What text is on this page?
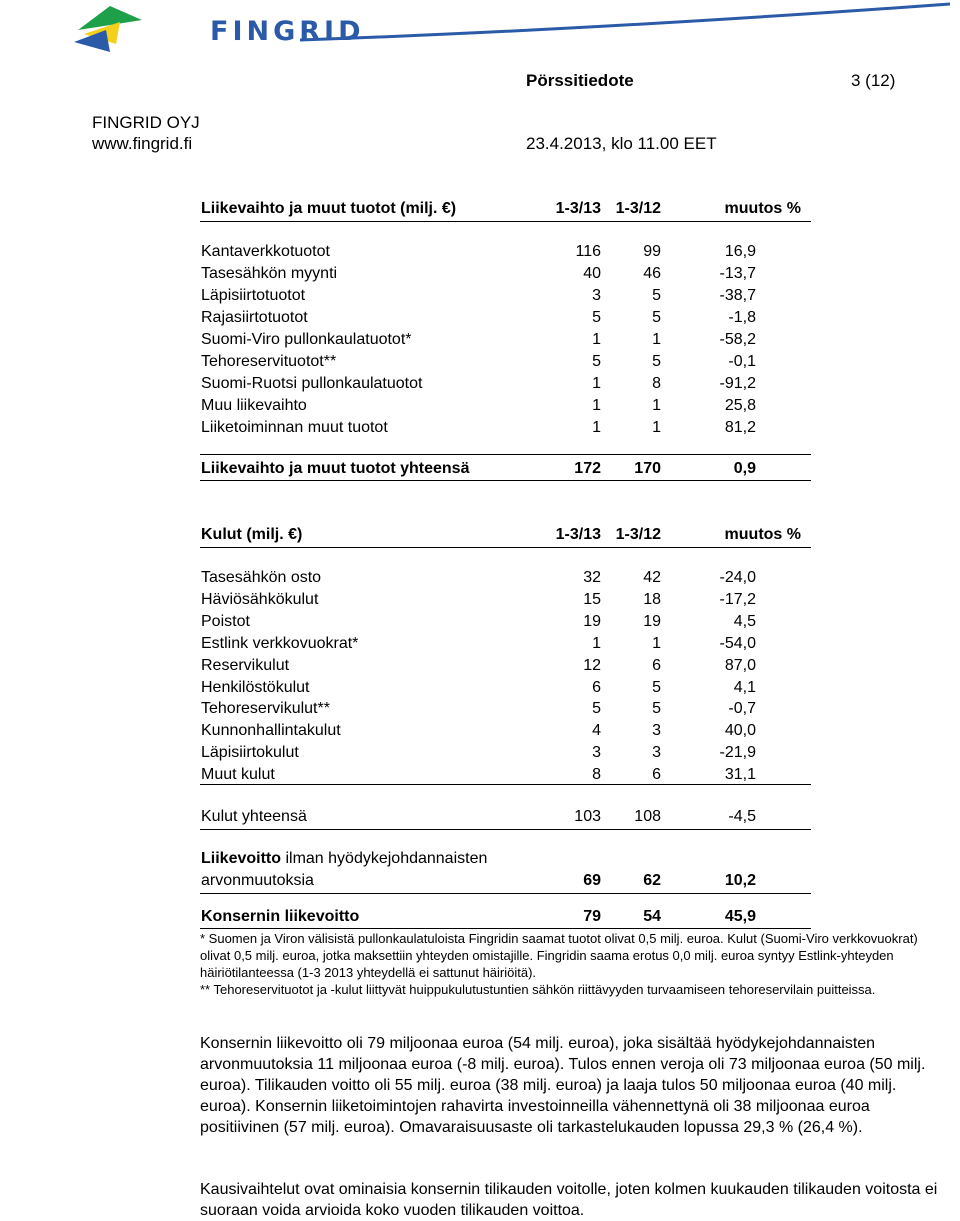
FINGRID
Pörssitiedote	3 (12)
FINGRID OYJ
www.fingrid.fi	23.4.2013, klo 11.00 EET
Liikevaihto ja muut tuotot (milj. €)	1-3/13 1-3/12	muutos %
Kantaverkkotuotot	116	99	16,9
Tasesähkön myynti	40	46	-13,7
Läpisiirtotuotot	3	5	-38,7
Rajasiirtotuotot	5	5	-1,8
Suomi-Viro pullonkaulatuotot*	1	1	-58,2
Tehoreservituotot**	5	5	-0,1
Suomi-Ruotsi pullonkaulatuotot	1	8	-91,2
Muu liikevaihto	1	1	25,8
Liiketoiminnan muut tuotot	1	1	81,2
Liikevaihto ja muut tuotot yhteensä	172 170	0,9
Kulut (milj. €)	1-3/13 1-3/12	muutos %
Tasesähkön osto	32	42	-24,0
Häviösähkökulut	15	18	-17,2
Poistot	19	19	4,5
Estlink verkkovuokrat*	1	1	-54,0
Reservikulut	12	6	87,0
Henkilöstökulut	6	5	4,1
Tehoreservikulut**	5	5	-0,7
Kunnonhallintakulut	4	3	40,0
Läpisiirtokulut	3	3	-21,9
Muut kulut	8	6	31,1
Kulut yhteensä	103 108	-4,5
Liikevoitto ilman hyödykejohdannaisten
arvonmuutoksia	69	62	10,2
Konsernin liikevoitto	79	54	45,9
* Suomen ja Viron välisistä pullonkaulatuloista Fingridin saamat tuotot olivat 0,5 milj. euroa. Kulut (Suomi-Viro verkkovuokrat) olivat 0,5 milj. euroa, jotka maksettiin yhteyden omistajille. Fingridin saama erotus 0,0 milj. euroa syntyy Estlink-yhteyden häiriötilanteessa (1-3 2013 yhteydellä ei sattunut häiriöitä).
** Tehoreservituotot ja -kulut liittyvät huippukulutustuntien sähkön riittävyyden turvaamiseen tehoreservilain puitteissa.
Konsernin liikevoitto oli 79 miljoonaa euroa (54 milj. euroa), joka sisältää hyödykejohdannaisten arvonmuutoksia 11 miljoonaa euroa (-8 milj. euroa). Tulos ennen veroja oli 73 miljoonaa euroa (50 milj. euroa). Tilikauden voitto oli 55 milj. euroa (38 milj. euroa) ja laaja tulos 50 miljoonaa euroa (40 milj. euroa). Konsernin liiketoimintojen rahavirta investoinneilla vähennettynä oli 38 miljoonaa euroa positiivinen (57 milj. euroa). Omavaraisuusaste oli tarkastelukauden lopussa 29,3 % (26,4 %).
Kausivaihtelut ovat ominaisia konsernin tilikauden voitolle, joten kolmen kuukauden tilikauden voitosta ei suoraan voida arvioida koko vuoden tilikauden voittoa.
